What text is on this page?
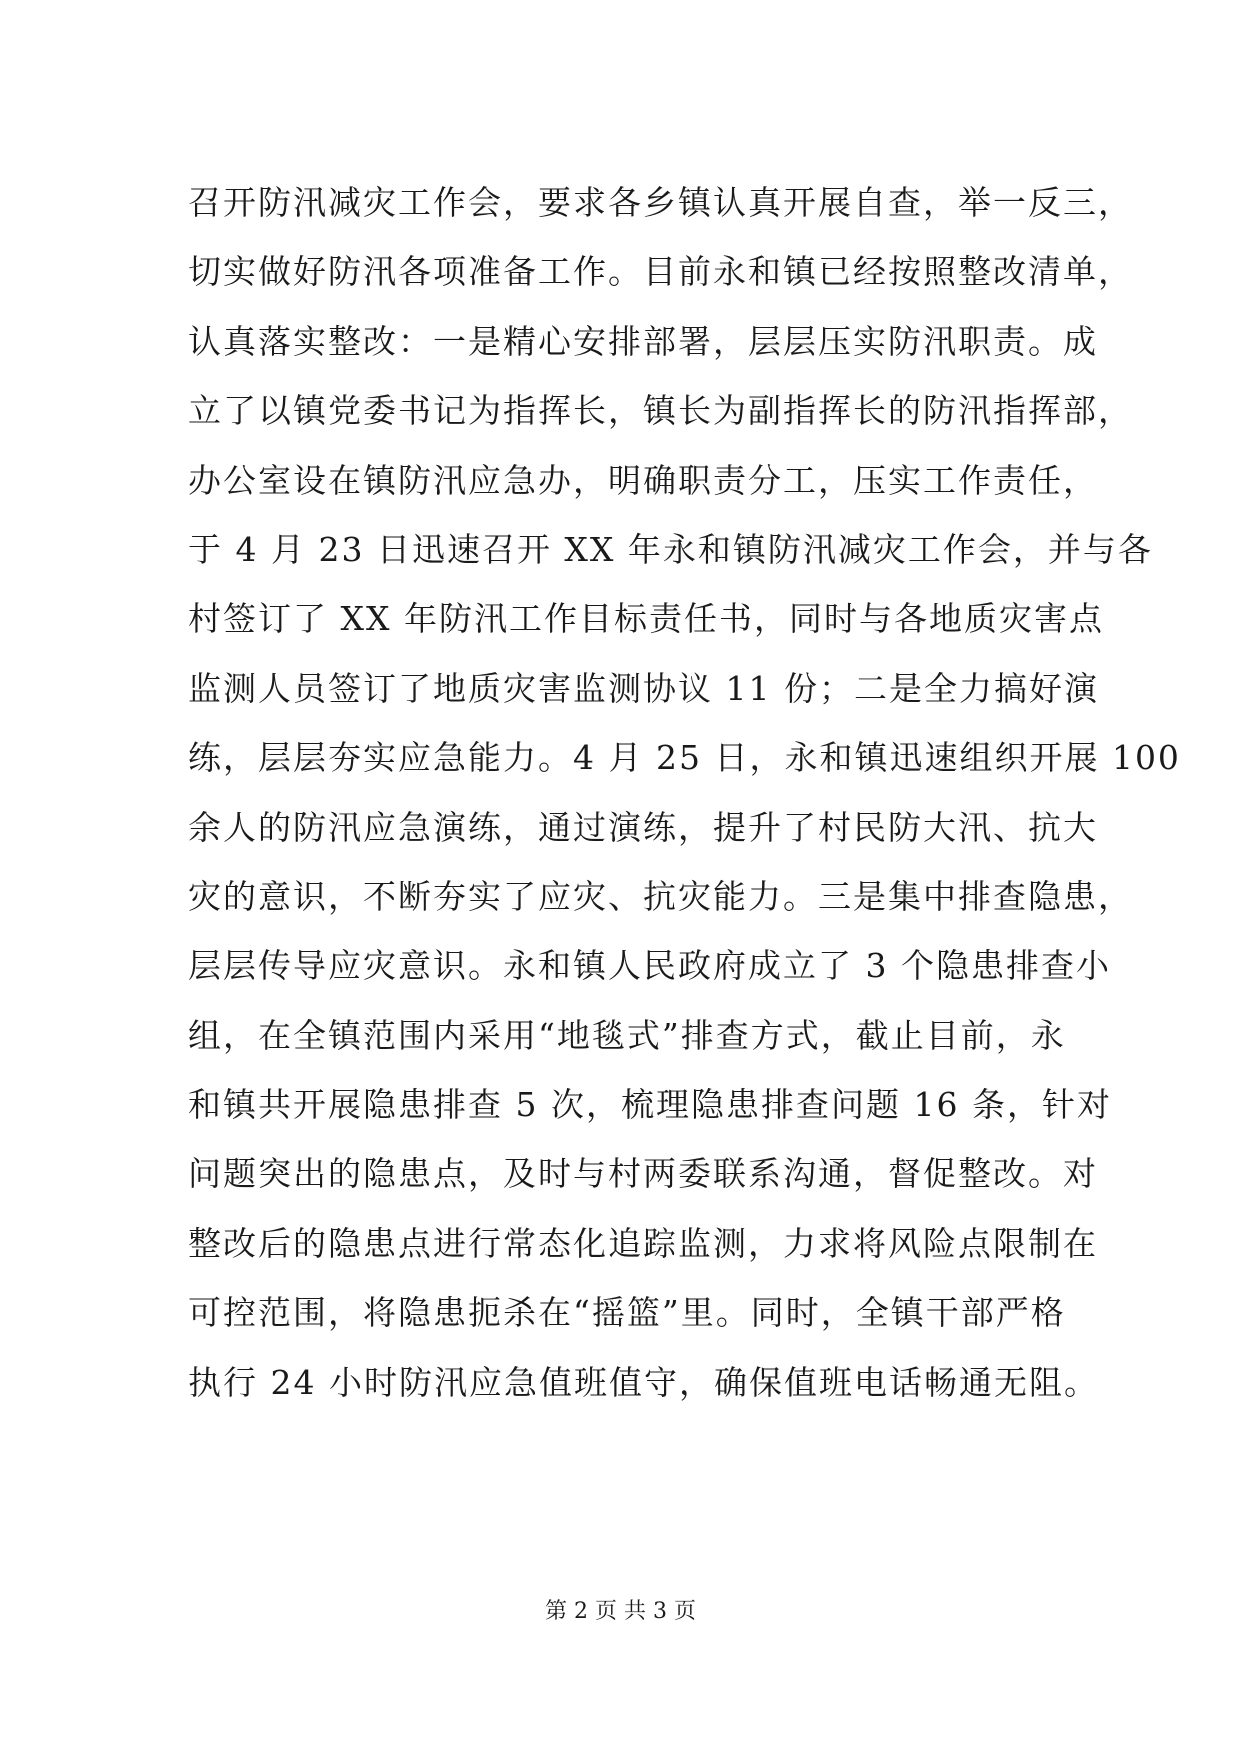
召开防汛减灾工作会，要求各乡镇认真开展自查，举一反三，
切实做好防汛各项准备工作。目前永和镇已经按照整改清单，
认真落实整改：一是精心安排部署，层层压实防汛职责。成
立了以镇党委书记为指挥长，镇长为副指挥长的防汛指挥部，
办公室设在镇防汛应急办，明确职责分工，压实工作责任，
于 4 月 23 日迅速召开 XX 年永和镇防汛减灾工作会，并与各
村签订了 XX 年防汛工作目标责任书，同时与各地质灾害点
监测人员签订了地质灾害监测协议 11 份；二是全力搞好演
练，层层夯实应急能力。4 月 25 日，永和镇迅速组织开展 100
余人的防汛应急演练，通过演练，提升了村民防大汛、抗大
灾的意识，不断夯实了应灾、抗灾能力。三是集中排查隐患，
层层传导应灾意识。永和镇人民政府成立了 3 个隐患排查小
组，在全镇范围内采用“地毯式”排查方式，截止目前，永
和镇共开展隐患排查 5 次，梳理隐患排查问题 16 条，针对
问题突出的隐患点，及时与村两委联系沟通，督促整改。对
整改后的隐患点进行常态化追踪监测，力求将风险点限制在
可控范围，将隐患扼杀在“摇篮”里。同时，全镇干部严格
执行 24 小时防汛应急值班值守，确保值班电话畅通无阻。
第 2 页 共 3 页
